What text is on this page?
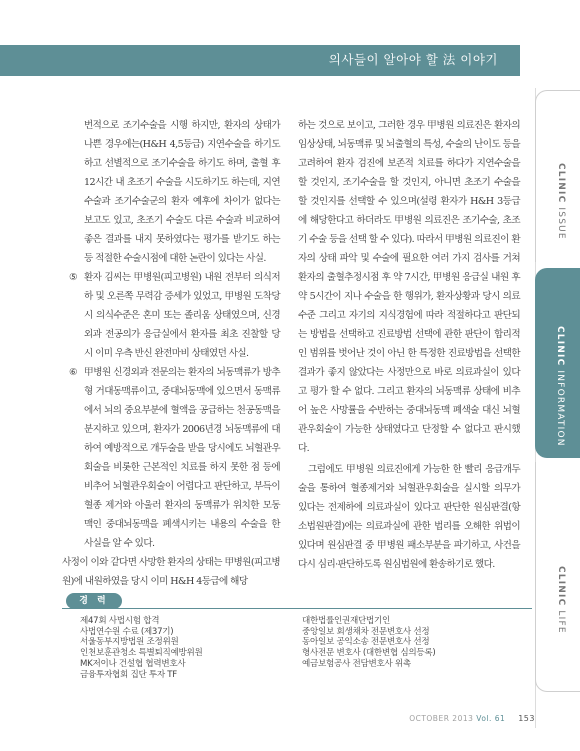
의사들이 알아야 할 法 이야기
CLINIC ISSUE
CLINIC INFORMATION
CLINIC LIFE

번적으로 조기수술을 시행 하지만, 환자의 상태가 나쁜 경우에는(H&H 4,5등급) 지연수술을 하기도 하고 선별적으로 조기수술을 하기도 하며, 출혈 후 12시간 내 초조기 수술을 시도하기도 하는데, 지연수술과 조기수술군의 환자 예후에 차이가 없다는 보고도 있고, 초조기 수술도 다른 수술과 비교하여 좋은 결과를 내지 못하였다는 평가를 받기도 하는 등 적절한 수술시점에 대한 논란이 있다는 사실.

⑤ 환자 김씨는 甲병원(피고병원) 내원 전부터 의식저하 및 오른쪽 무력감 증세가 있었고, 甲병원 도착당시 의식수준은 혼미 또는 졸리움 상태였으며, 신경외과 전공의가 응급실에서 환자를 최초 진찰할 당시 이미 우측 반신 완전마비 상태였던 사실.

⑥ 甲병원 신경외과 전문의는 환자의 뇌동맥류가 방추형 거대동맥류이고, 중대뇌동맥에 있으면서 동맥류에서 뇌의 중요부분에 혈액을 공급하는 천공동맥을 분지하고 있으며, 환자가 2006년경 뇌동맥류에 대하여 예방적으로 개두술을 받을 당시에도 뇌혈관우회술을 비롯한 근본적인 치료를 하지 못한 점 등에 비추어 뇌혈관우회술이 어렵다고 판단하고, 부득이 혈종 제거와 아울러 환자의 동맥류가 위치한 모동맥인 중대뇌동맥을 폐색시키는 내용의 수술을 한 사실을 알 수 있다.

사정이 이와 같다면 사망한 환자의 상태는 甲병원(피고병원)에 내원하였을 당시 이미 H&H 4등급에 해당

하는 것으로 보이고, 그러한 경우 甲병원 의료진은 환자의 임상상태, 뇌동맥류 및 뇌출혈의 특성, 수술의 난이도 등을 고려하여 환자 검진에 보존적 치료를 하다가 지연수술을 할 것인지, 조기수술을 할 것인지, 아니면 초조기 수술을 할 것인지를 선택할 수 있으며(설령 환자가 H&H 3등급에 해당한다고 하더라도 甲병원 의료진은 조기수술, 초조기 수술 등을 선택 할 수 있다). 따라서 甲병원 의료진이 환자의 상태 파악 및 수술에 필요한 여러 가지 검사를 거쳐 환자의 출혈추정시점 후 약 7시간, 甲병원 응급실 내원 후 약 5시간이 지나 수술을 한 행위가, 환자상황과 당시 의료수준 그리고 자기의 지식경험에 따라 적절하다고 판단되는 방법을 선택하고 진료방법 선택에 관한 판단이 합리적인 범위를 벗어난 것이 아닌 한 특정한 진료방법을 선택한 결과가 좋지 않았다는 사정만으로 바로 의료과실이 있다고 평가 할 수 없다. 그리고 환자의 뇌동맥류 상태에 비추어 높은 사망률을 수반하는 중대뇌동맥 폐색술 대신 뇌혈관우회술이 가능한 상태였다고 단정할 수 없다고 판시했다.

그럼에도 甲병원 의료진에게 가능한 한 빨리 응급개두술을 통하여 혈종제거와 뇌혈관우회술을 실시할 의무가 있다는 전제하에 의료과실이 있다고 판단한 원심판결(항소법원판결)에는 의료과실에 관한 법리를 오해한 위법이 있다며 원심판결 중 甲병원 패소부분을 파기하고, 사건을 다시 심리·판단하도록 원심법원에 환송하기로 했다.

경 력
제47회 사법시험 합격
사법연수원 수료 (제37기)
서울동부지방법원 조정위원
인천보훈관청소 특별퇴직예방위원
MK저이나 건설협 협력변호사
금융투자협회 집단 투자 TF
대한법률인권재단법기인
중앙일보 회생채차 전문변호사 선정
동아일보 공익소송 전문변호사 선정
형사전문 변호사 (대한변협 심의등록)
예금보험공사 전담변호사 위촉
OCTOBER 2013 Vol. 61 153
